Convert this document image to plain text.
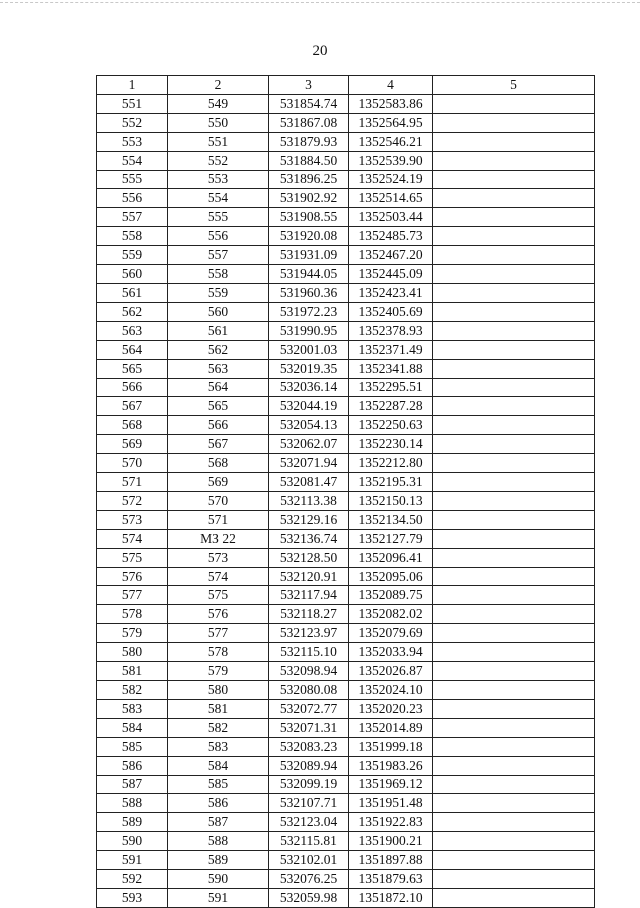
20
1	2	3	4	5
551	549	531854.74	1352583.86	
552	550	531867.08	1352564.95	
553	551	531879.93	1352546.21	
554	552	531884.50	1352539.90	
555	553	531896.25	1352524.19	
556	554	531902.92	1352514.65	
557	555	531908.55	1352503.44	
558	556	531920.08	1352485.73	
559	557	531931.09	1352467.20	
560	558	531944.05	1352445.09	
561	559	531960.36	1352423.41	
562	560	531972.23	1352405.69	
563	561	531990.95	1352378.93	
564	562	532001.03	1352371.49	
565	563	532019.35	1352341.88	
566	564	532036.14	1352295.51	
567	565	532044.19	1352287.28	
568	566	532054.13	1352250.63	
569	567	532062.07	1352230.14	
570	568	532071.94	1352212.80	
571	569	532081.47	1352195.31	
572	570	532113.38	1352150.13	
573	571	532129.16	1352134.50	
574	МЗ 22	532136.74	1352127.79	
575	573	532128.50	1352096.41	
576	574	532120.91	1352095.06	
577	575	532117.94	1352089.75	
578	576	532118.27	1352082.02	
579	577	532123.97	1352079.69	
580	578	532115.10	1352033.94	
581	579	532098.94	1352026.87	
582	580	532080.08	1352024.10	
583	581	532072.77	1352020.23	
584	582	532071.31	1352014.89	
585	583	532083.23	1351999.18	
586	584	532089.94	1351983.26	
587	585	532099.19	1351969.12	
588	586	532107.71	1351951.48	
589	587	532123.04	1351922.83	
590	588	532115.81	1351900.21	
591	589	532102.01	1351897.88	
592	590	532076.25	1351879.63	
593	591	532059.98	1351872.10	
